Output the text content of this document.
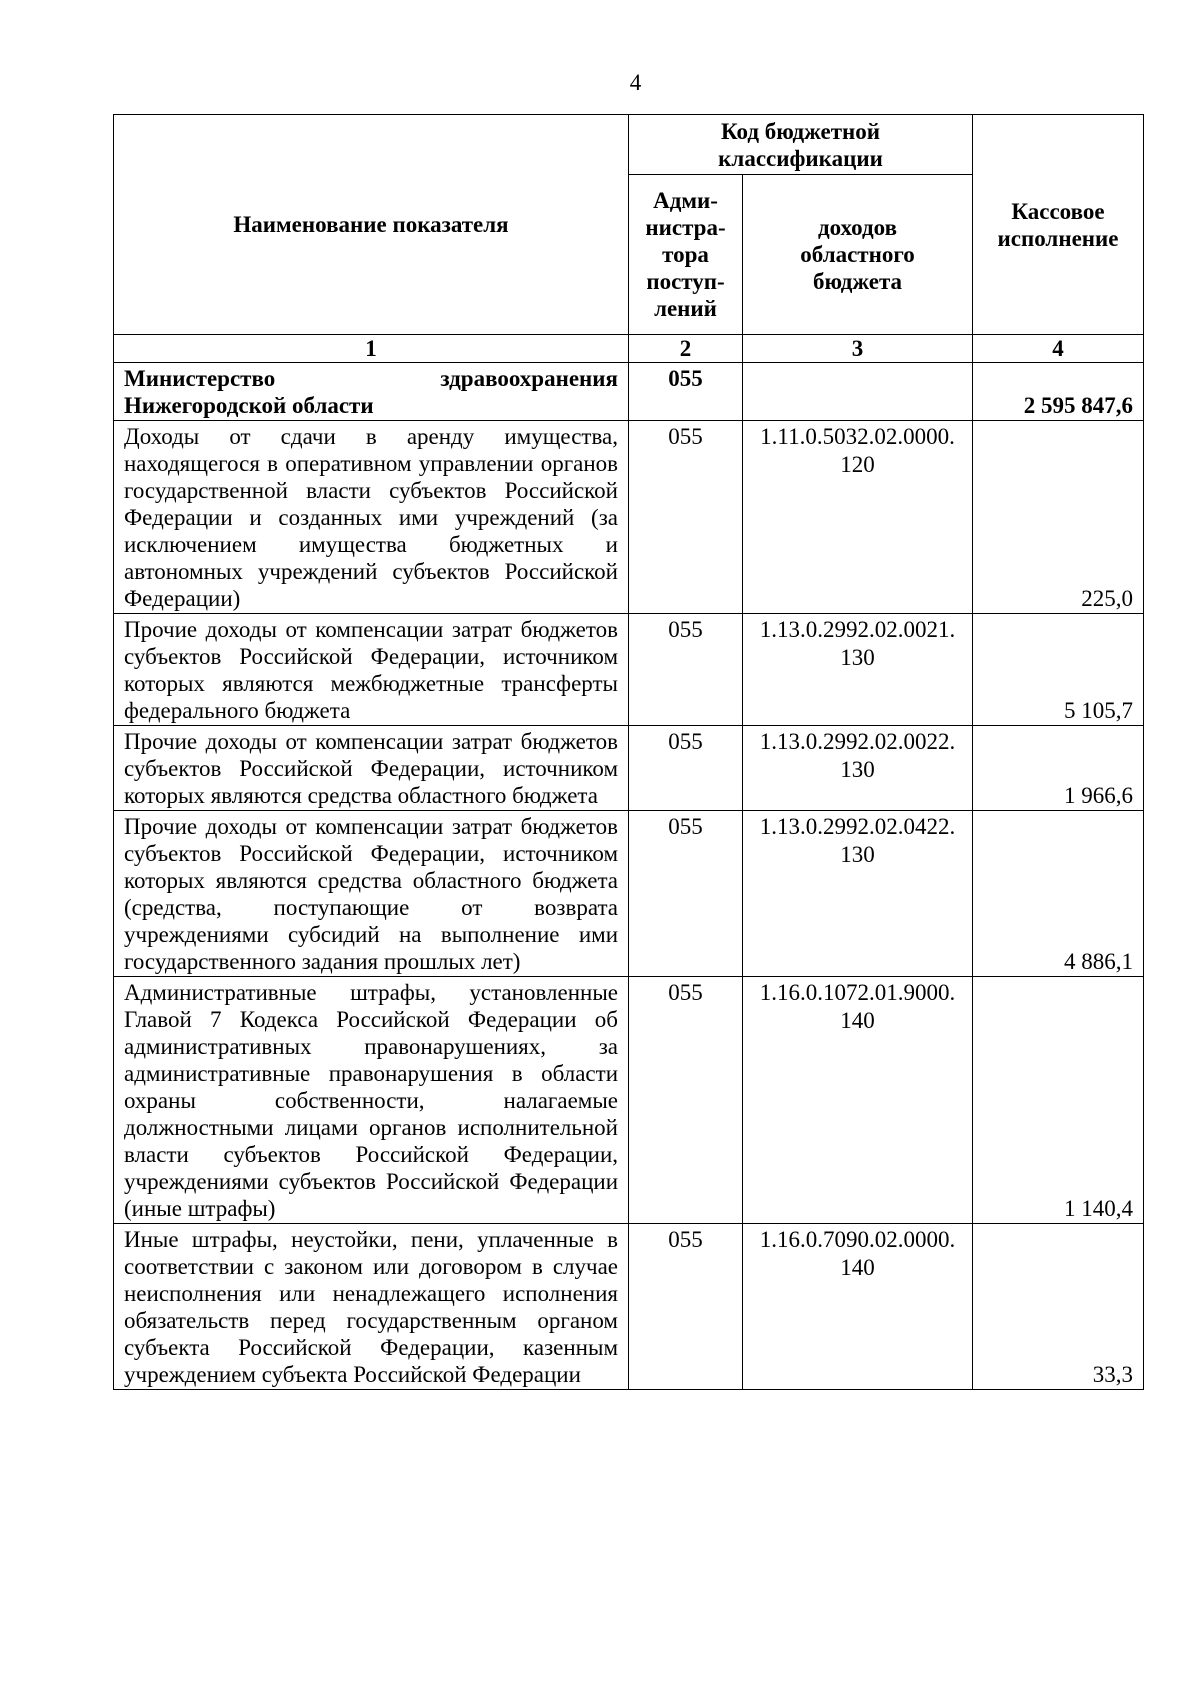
4
Наименование показателя	Код бюджетной классификации		Кассовое исполнение
	Адми-нистра-тора поступ-лений	доходов областного бюджета	
1	2	3	4
Министерство здравоохранения Нижегородской области	055		2 595 847,6
Доходы от сдачи в аренду имущества, находящегося в оперативном управлении органов государственной власти субъектов Российской Федерации и созданных ими учреждений (за исключением имущества бюджетных и автономных учреждений субъектов Российской Федерации)	055	1.11.0.5032.02.0000. 120	225,0
Прочие доходы от компенсации затрат бюджетов субъектов Российской Федерации, источником которых являются межбюджетные трансферты федерального бюджета	055	1.13.0.2992.02.0021. 130	5 105,7
Прочие доходы от компенсации затрат бюджетов субъектов Российской Федерации, источником которых являются средства областного бюджета	055	1.13.0.2992.02.0022. 130	1 966,6
Прочие доходы от компенсации затрат бюджетов субъектов Российской Федерации, источником которых являются средства областного бюджета (средства, поступающие от возврата учреждениями субсидий на выполнение ими государственного задания прошлых лет)	055	1.13.0.2992.02.0422. 130	4 886,1
Административные штрафы, установленные Главой 7 Кодекса Российской Федерации об административных правонарушениях, за административные правонарушения в области охраны собственности, налагаемые должностными лицами органов исполнительной власти субъектов Российской Федерации, учреждениями субъектов Российской Федерации (иные штрафы)	055	1.16.0.1072.01.9000. 140	1 140,4
Иные штрафы, неустойки, пени, уплаченные в соответствии с законом или договором в случае неисполнения или ненадлежащего исполнения обязательств перед государственным органом субъекта Российской Федерации, казенным учреждением субъекта Российской Федерации	055	1.16.0.7090.02.0000. 140	33,3
